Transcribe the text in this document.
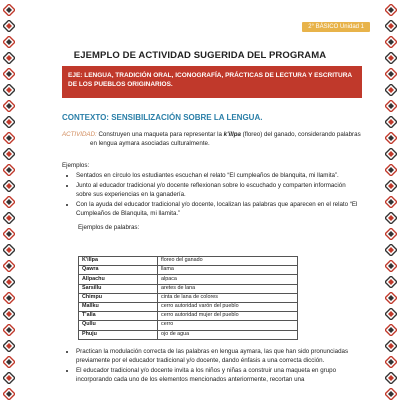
2° BÁSICO Unidad 1
EJEMPLO DE ACTIVIDAD SUGERIDA DEL PROGRAMA
EJE: LENGUA, TRADICIÓN ORAL, ICONOGRAFÍA, PRÁCTICAS DE LECTURA Y ESCRITURA DE LOS PUEBLOS ORIGINARIOS.
CONTEXTO: SENSIBILIZACIÓN SOBRE LA LENGUA.
ACTIVIDAD: Construyen una maqueta para representar la k'illpa (floreo) del ganado, considerando palabras en lengua aymara asociadas culturalmente.
Ejemplos:
• Sentados en círculo los estudiantes escuchan el relato “El cumpleaños de blanquita, mi llamita”.
• Junto al educador tradicional y/o docente reflexionan sobre lo escuchado y comparten información sobre sus experiencias en la ganadería.
• Con la ayuda del educador tradicional y/o docente, localizan las palabras que aparecen en el relato “El Cumpleaños de Blanquita, mi llamita.”
Ejemplos de palabras:
K'illpa	floreo del ganado
Qawra	llama
Allpachu	alpaca
Sarsillu	aretes de lana
Chimpu	cinta de lana de colores
Mallku	cerro autoridad varón del pueblo
T'alla	cerro autoridad mujer del pueblo
Qullu	cerro
Phuju	ojo de agua
• Practican la modulación correcta de las palabras en lengua aymara, las que han sido pronunciadas previamente por el educador tradicional y/o docente, dando énfasis a una correcta dicción.
• El educador tradicional y/o docente invita a los niños y niñas a construir una maqueta en grupo incorporando cada uno de los elementos mencionados anteriormente, recortan una
